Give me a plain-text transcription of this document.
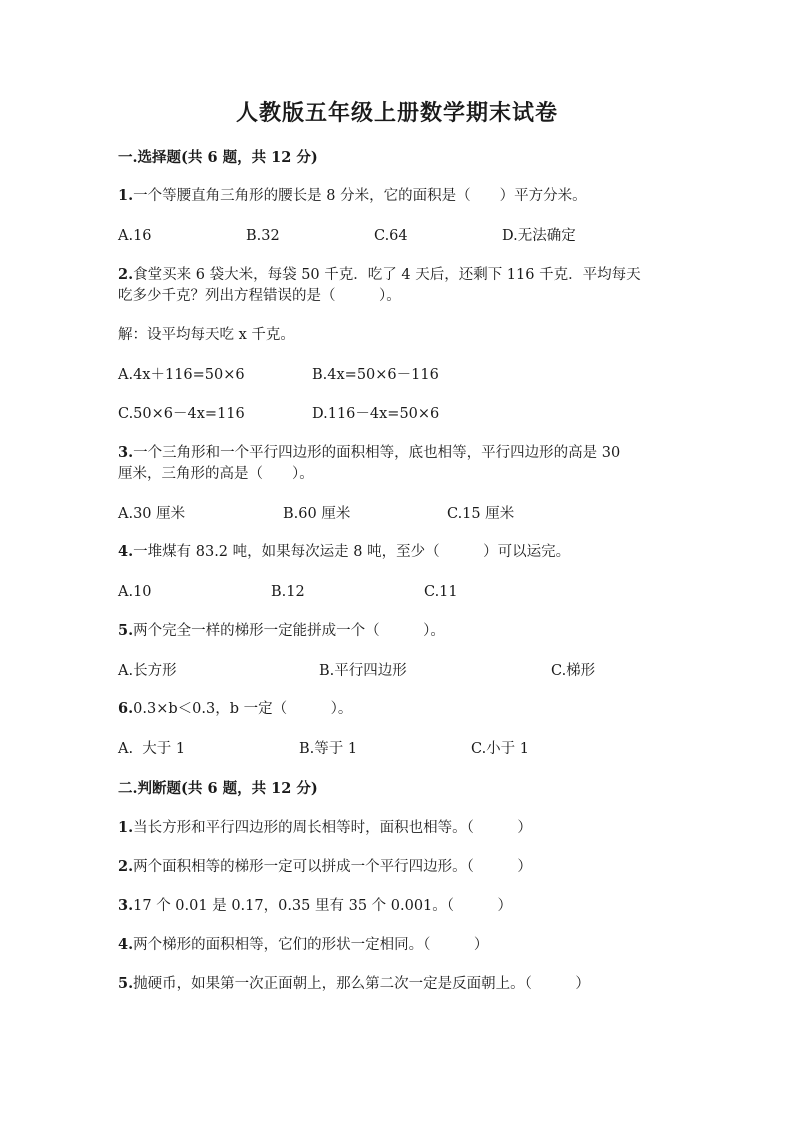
人教版五年级上册数学期末试卷
一.选择题(共 6 题，共 12 分)
1.一个等腰直角三角形的腰长是 8 分米，它的面积是（　　）平方分米。
A.16	B.32	C.64	D.无法确定
2.食堂买来 6 袋大米，每袋 50 千克．吃了 4 天后，还剩下 116 千克．平均每天
吃多少千克？列出方程错误的是（　　　）。
解：设平均每天吃 x 千克。
A.4x＋116=50×6	B.4x=50×6－116
C.50×6－4x=116	D.116－4x=50×6
3.一个三角形和一个平行四边形的面积相等，底也相等，平行四边形的高是 30
厘米，三角形的高是（　　）。
A.30 厘米	B.60 厘米	C.15 厘米
4.一堆煤有 83.2 吨，如果每次运走 8 吨，至少（　　　）可以运完。
A.10	B.12	C.11
5.两个完全一样的梯形一定能拼成一个（　　　）。
A.长方形	B.平行四边形	C.梯形
6.0.3×b＜0.3，b 一定（　　　）。
A.  大于 1	B.等于 1	C.小于 1
二.判断题(共 6 题，共 12 分)
1.当长方形和平行四边形的周长相等时，面积也相等。（　　　）
2.两个面积相等的梯形一定可以拼成一个平行四边形。（　　　）
3.17 个 0.01 是 0.17，0.35 里有 35 个 0.001。（　　　）
4.两个梯形的面积相等，它们的形状一定相同。（　　　）
5.抛硬币，如果第一次正面朝上，那么第二次一定是反面朝上。（　　　）
